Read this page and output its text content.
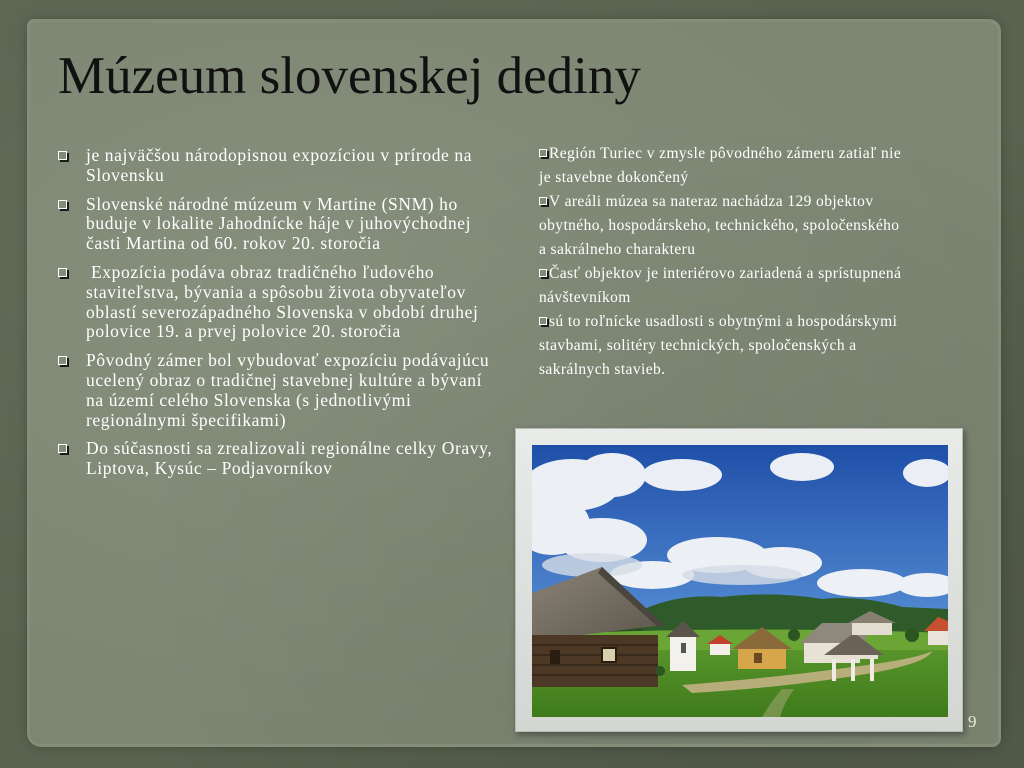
Múzeum slovenskej dediny
je najväčšou národopisnou expozíciou v prírode na Slovensku
Slovenské národné múzeum v Martine (SNM) ho buduje v lokalite Jahodnícke háje v juhovýchodnej časti Martina od 60. rokov 20. storočia
Expozícia podáva obraz tradičného ľudového staviteľstva, bývania a spôsobu života obyvateľov oblastí severozápadného Slovenska v období druhej polovice 19. a prvej polovice 20. storočia
Pôvodný zámer bol vybudovať expozíciu podávajúcu ucelený obraz o tradičnej stavebnej kultúre a bývaní na území celého Slovenska (s jednotlivými regionálnymi špecifikami)
Do súčasnosti sa zrealizovali regionálne celky Oravy, Liptova, Kysúc – Podjavorníkov

Región Turiec v zmysle pôvodného zámeru zatiaľ nie je stavebne dokončený

V areáli múzea sa nateraz nachádza 129 objektov obytného, hospodárskeho, technického, spoločenského a sakrálneho charakteru

Časť objektov je interiérovo zariadená a sprístupnená návštevníkom

sú to roľnícke usadlosti s obytnými a hospodárskymi stavbami, solitéry technických, spoločenských a sakrálnych stavieb.

9
